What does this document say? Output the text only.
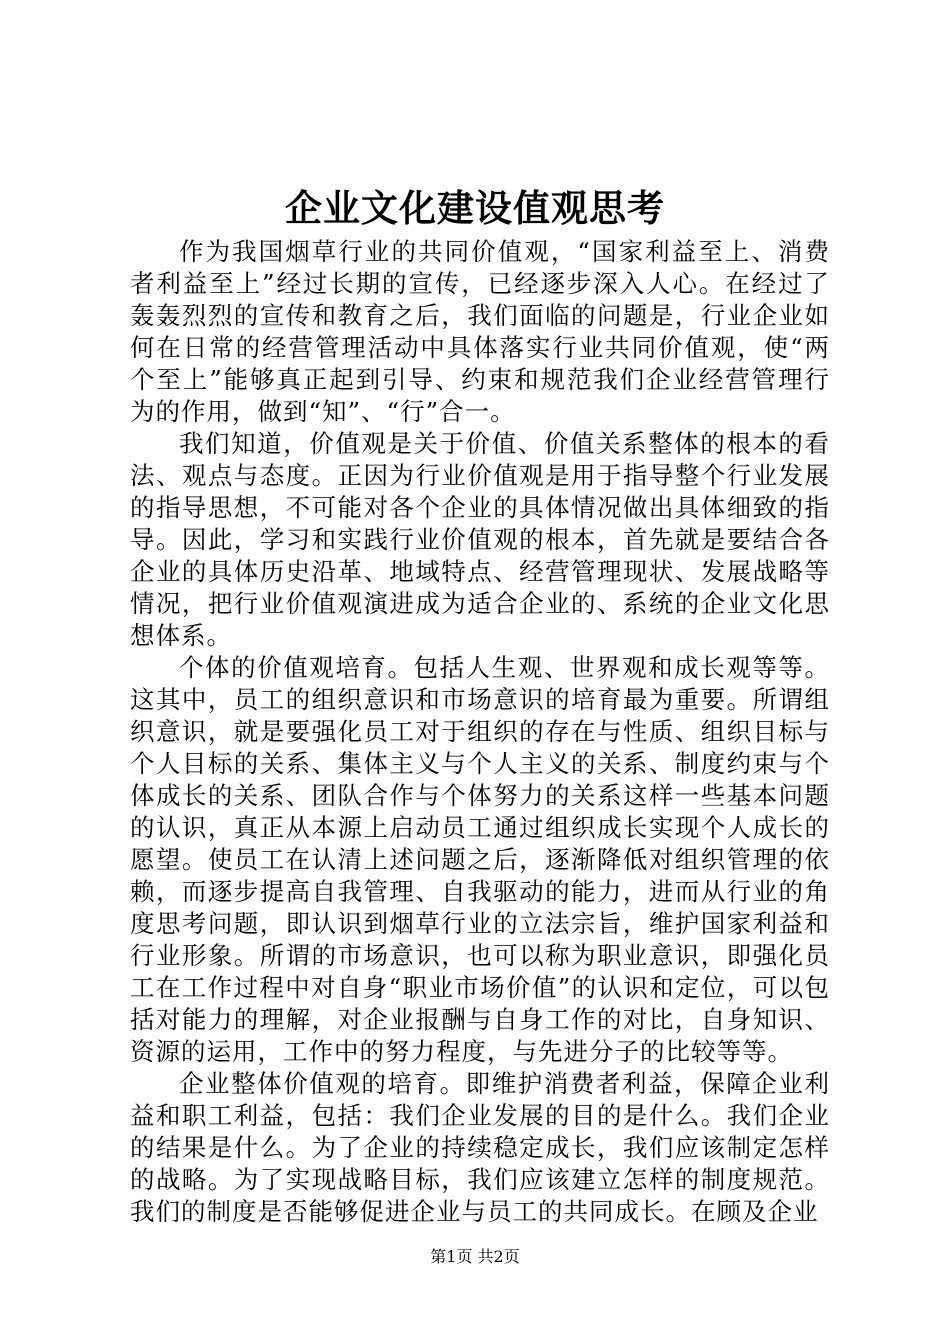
企业文化建设值观思考

作为我国烟草行业的共同价值观，“国家利益至上、消费者利益至上”经过长期的宣传，已经逐步深入人心。在经过了轰轰烈烈的宣传和教育之后，我们面临的问题是，行业企业如何在日常的经营管理活动中具体落实行业共同价值观，使“两个至上”能够真正起到引导、约束和规范我们企业经营管理行为的作用，做到“知”、“行”合一。

我们知道，价值观是关于价值、价值关系整体的根本的看法、观点与态度。正因为行业价值观是用于指导整个行业发展的指导思想，不可能对各个企业的具体情况做出具体细致的指导。因此，学习和实践行业价值观的根本，首先就是要结合各企业的具体历史沿革、地域特点、经营管理现状、发展战略等情况，把行业价值观演进成为适合企业的、系统的企业文化思想体系。

个体的价值观培育。包括人生观、世界观和成长观等等。这其中，员工的组织意识和市场意识的培育最为重要。所谓组织意识，就是要强化员工对于组织的存在与性质、组织目标与个人目标的关系、集体主义与个人主义的关系、制度约束与个体成长的关系、团队合作与个体努力的关系这样一些基本问题的认识，真正从本源上启动员工通过组织成长实现个人成长的愿望。使员工在认清上述问题之后，逐渐降低对组织管理的依赖，而逐步提高自我管理、自我驱动的能力，进而从行业的角度思考问题，即认识到烟草行业的立法宗旨，维护国家利益和行业形象。所谓的市场意识，也可以称为职业意识，即强化员工在工作过程中对自身“职业市场价值”的认识和定位，可以包括对能力的理解，对企业报酬与自身工作的对比，自身知识、资源的运用，工作中的努力程度，与先进分子的比较等等。

企业整体价值观的培育。即维护消费者利益，保障企业利益和职工利益，包括：我们企业发展的目的是什么。我们企业的结果是什么。为了企业的持续稳定成长，我们应该制定怎样的战略。为了实现战略目标，我们应该建立怎样的制度规范。我们的制度是否能够促进企业与员工的共同成长。在顾及企业

第1页 共2页
